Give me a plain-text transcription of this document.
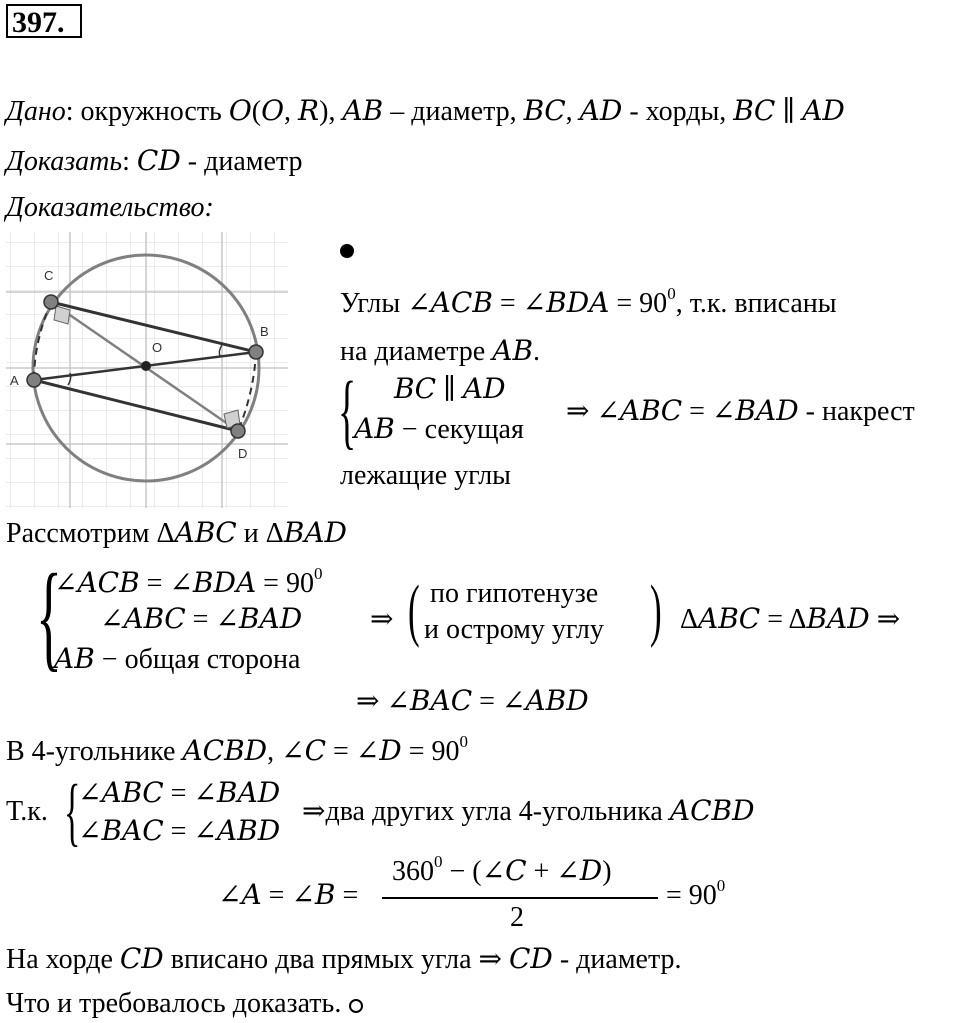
397.
Дано: окружность 𝑂(𝑂, 𝑅), 𝐴𝐵 – диаметр, 𝐵𝐶, 𝐴𝐷 - хорды, 𝐵𝐶 ∥ 𝐴𝐷
Доказать: 𝐶𝐷 - диаметр
Доказательство:
C
B
O
A
D
Углы ∠𝐴𝐶𝐵 = ∠𝐵𝐷𝐴 = $90^0$, т.к. вписаны
на диаметре 𝐴𝐵.
{ 𝐵𝐶 ∥ 𝐴𝐷
𝐴𝐵 − секущая
⇒ ∠𝐴𝐵𝐶 = ∠𝐵𝐴𝐷 - накрест
лежащие углы
Рассмотрим Δ𝐴𝐵𝐶 и Δ𝐵𝐴𝐷
{
∠𝐴𝐶𝐵 = ∠𝐵𝐷𝐴 = $90^0$
∠𝐴𝐵𝐶 = ∠𝐵𝐴𝐷
𝐴𝐵 − общая сторона
⇒ ( по гипотенузе
и острому углу ) Δ𝐴𝐵𝐶 = Δ𝐵𝐴𝐷 ⇒
⇒ ∠𝐵𝐴𝐶 = ∠𝐴𝐵𝐷
В 4-угольнике 𝐴𝐶𝐵𝐷, ∠𝐶 = ∠𝐷 = $90^0$
Т.к. {
∠𝐴𝐵𝐶 = ∠𝐵𝐴𝐷
∠𝐵𝐴𝐶 = ∠𝐴𝐵𝐷
⇒два других угла 4-угольника 𝐴𝐶𝐵𝐷
∠𝐴 = ∠𝐵 =
$360^0$ − (∠𝐶 + ∠𝐷)
2
= $90^0$
На хорде 𝐶𝐷 вписано два прямых угла ⇒ 𝐶𝐷 - диаметр.
Что и требовалось доказать.
